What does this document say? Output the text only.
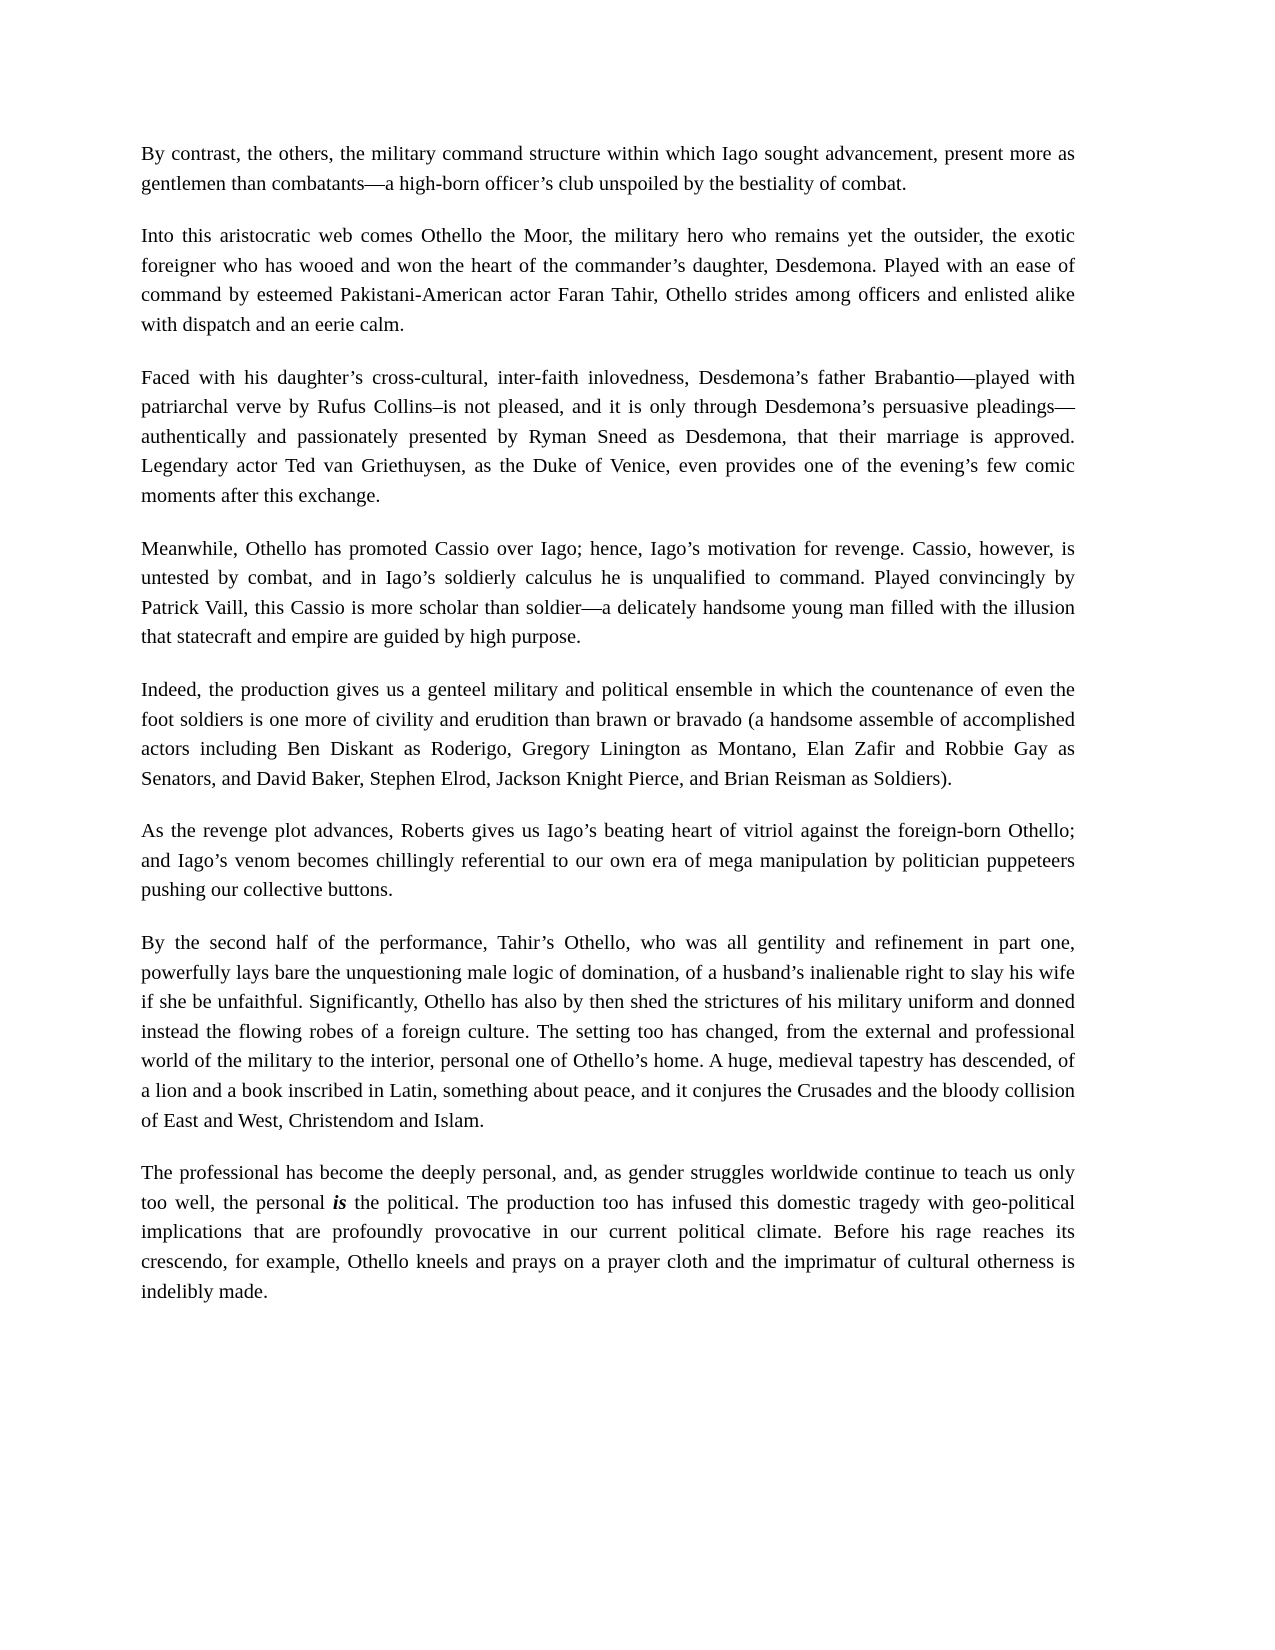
By contrast, the others, the military command structure within which Iago sought advancement, present more as gentlemen than combatants—a high-born officer’s club unspoiled by the bestiality of combat.

Into this aristocratic web comes Othello the Moor, the military hero who remains yet the outsider, the exotic foreigner who has wooed and won the heart of the commander’s daughter, Desdemona. Played with an ease of command by esteemed Pakistani-American actor Faran Tahir, Othello strides among officers and enlisted alike with dispatch and an eerie calm.

Faced with his daughter’s cross-cultural, inter-faith inlovedness, Desdemona’s father Brabantio—played with patriarchal verve by Rufus Collins–is not pleased, and it is only through Desdemona’s persuasive pleadings—authentically and passionately presented by Ryman Sneed as Desdemona, that their marriage is approved. Legendary actor Ted van Griethuysen, as the Duke of Venice, even provides one of the evening’s few comic moments after this exchange.

Meanwhile, Othello has promoted Cassio over Iago; hence, Iago’s motivation for revenge. Cassio, however, is untested by combat, and in Iago’s soldierly calculus he is unqualified to command. Played convincingly by Patrick Vaill, this Cassio is more scholar than soldier—a delicately handsome young man filled with the illusion that statecraft and empire are guided by high purpose.

Indeed, the production gives us a genteel military and political ensemble in which the countenance of even the foot soldiers is one more of civility and erudition than brawn or bravado (a handsome assemble of accomplished actors including Ben Diskant as Roderigo, Gregory Linington as Montano, Elan Zafir and Robbie Gay as Senators, and David Baker, Stephen Elrod, Jackson Knight Pierce, and Brian Reisman as Soldiers).

As the revenge plot advances, Roberts gives us Iago’s beating heart of vitriol against the foreign-born Othello; and Iago’s venom becomes chillingly referential to our own era of mega manipulation by politician puppeteers pushing our collective buttons.

By the second half of the performance, Tahir’s Othello, who was all gentility and refinement in part one, powerfully lays bare the unquestioning male logic of domination, of a husband’s inalienable right to slay his wife if she be unfaithful. Significantly, Othello has also by then shed the strictures of his military uniform and donned instead the flowing robes of a foreign culture. The setting too has changed, from the external and professional world of the military to the interior, personal one of Othello’s home. A huge, medieval tapestry has descended, of a lion and a book inscribed in Latin, something about peace, and it conjures the Crusades and the bloody collision of East and West, Christendom and Islam.

The professional has become the deeply personal, and, as gender struggles worldwide continue to teach us only too well, the personal is the political. The production too has infused this domestic tragedy with geo-political implications that are profoundly provocative in our current political climate. Before his rage reaches its crescendo, for example, Othello kneels and prays on a prayer cloth and the imprimatur of cultural otherness is indelibly made.
